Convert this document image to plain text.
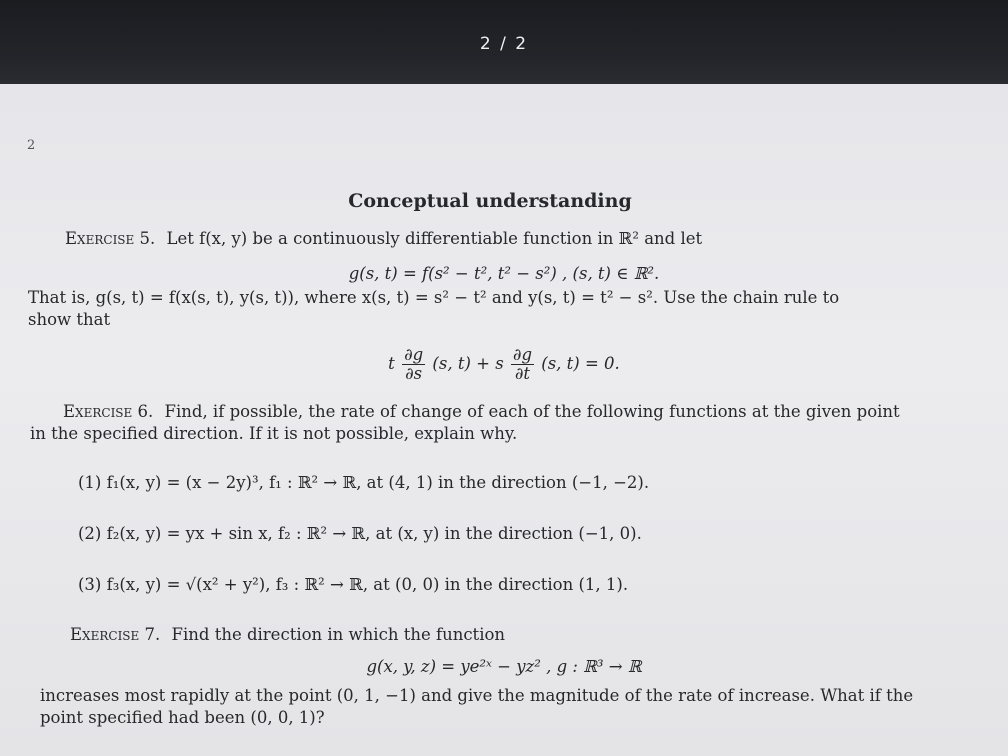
2 / 2
2
Conceptual understanding
Exercise 5. Let f(x, y) be a continuously differentiable function in ℝ² and let
g(s, t) = f(s² − t², t² − s²) , (s, t) ∈ ℝ².
That is, g(s, t) = f(x(s, t), y(s, t)), where x(s, t) = s² − t² and y(s, t) = t² − s². Use the chain rule to
show that
t $\frac{\partial g}{\partial s} (s$, t) + s $\frac{\partial g}{\partial t} (s$, t) = 0.
Exercise 6. Find, if possible, the rate of change of each of the following functions at the given point
in the specified direction. If it is not possible, explain why.
(1) f₁(x, y) = (x − 2y)³, f₁ : ℝ² → ℝ, at (4, 1) in the direction (−1, −2).
(2) f₂(x, y) = yx + sin x, f₂ : ℝ² → ℝ, at (x, y) in the direction (−1, 0).
(3) f₃(x, y) = √(x² + y²), f₃ : ℝ² → ℝ, at (0, 0) in the direction (1, 1).
Exercise 7. Find the direction in which the function
g(x, y, z) = ye²ˣ − yz² , g : ℝ³ → ℝ
increases most rapidly at the point (0, 1, −1) and give the magnitude of the rate of increase. What if the
point specified had been (0, 0, 1)?
